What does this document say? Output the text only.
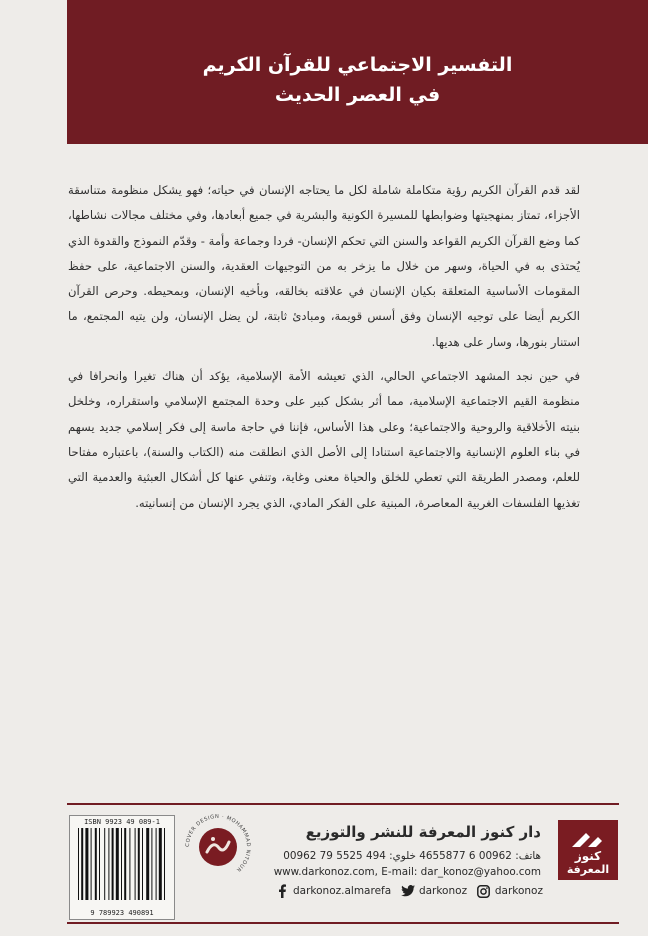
التفسير الاجتماعي للقرآن الكريم
في العصر الحديث

لقد قدم القرآن الكريم رؤية متكاملة شاملة لكل ما يحتاجه الإنسان في حياته؛ فهو يشكل منظومة متناسقة الأجزاء، تمتاز بمنهجيتها وضوابطها للمسيرة الكونية والبشرية في جميع أبعادها، وفي مختلف مجالات نشاطها، كما وضع القرآن الكريم القواعد والسنن التي تحكم الإنسان- فردا وجماعة وأمة - وقدّم النموذج والقدوة الذي يُحتذى به في الحياة، وسهر من خلال ما يزخر به من التوجيهات العقدية، والسنن الاجتماعية، على حفظ المقومات الأساسية المتعلقة بكيان الإنسان في علاقته بخالقه، وبأخيه الإنسان، وبمحيطه. وحرص القرآن الكريم أيضا على توجيه الإنسان وفق أسس قويمة، ومبادئ ثابتة، لن يضل الإنسان، ولن يتيه المجتمع، ما استنار بنورها، وسار على هديها.

في حين نجد المشهد الاجتماعي الحالي، الذي تعيشه الأمة الإسلامية، يؤكد أن هناك تغيرا وانحرافا في منظومة القيم الاجتماعية الإسلامية، مما أثر بشكل كبير على وحدة المجتمع الإسلامي واستقراره، وخلخل بنيته الأخلاقية والروحية والاجتماعية؛ وعلى هذا الأساس، فإننا في حاجة ماسة إلى فكر إسلامي جديد يسهم في بناء العلوم الإنسانية والاجتماعية استنادا إلى الأصل الذي انطلقت منه (الكتاب والسنة)، باعتباره مفتاحا للعلم، ومصدر الطريقة التي تعطي للخلق والحياة معنى وغاية، وتنفي عنها كل أشكال العبثية والعدمية التي تغذيها الفلسفات الغربية المعاصرة، المبنية على الفكر المادي، الذي يجرد الإنسان من إنسانيته.

ISBN 9923 49 089-1
9 789923 490891
COVER DESIGN · MOHAMMAD NITOUR
دار كنوز المعرفة للنشر والتوزيع
هاتف: 00962 6 4655877 خلوي: 494 5525 79 00962
www.darkonoz.com, E-mail: dar_konoz@yahoo.com
darkonoz.almarefa	darkonoz	darkonoz
كنوز
المعرفة
